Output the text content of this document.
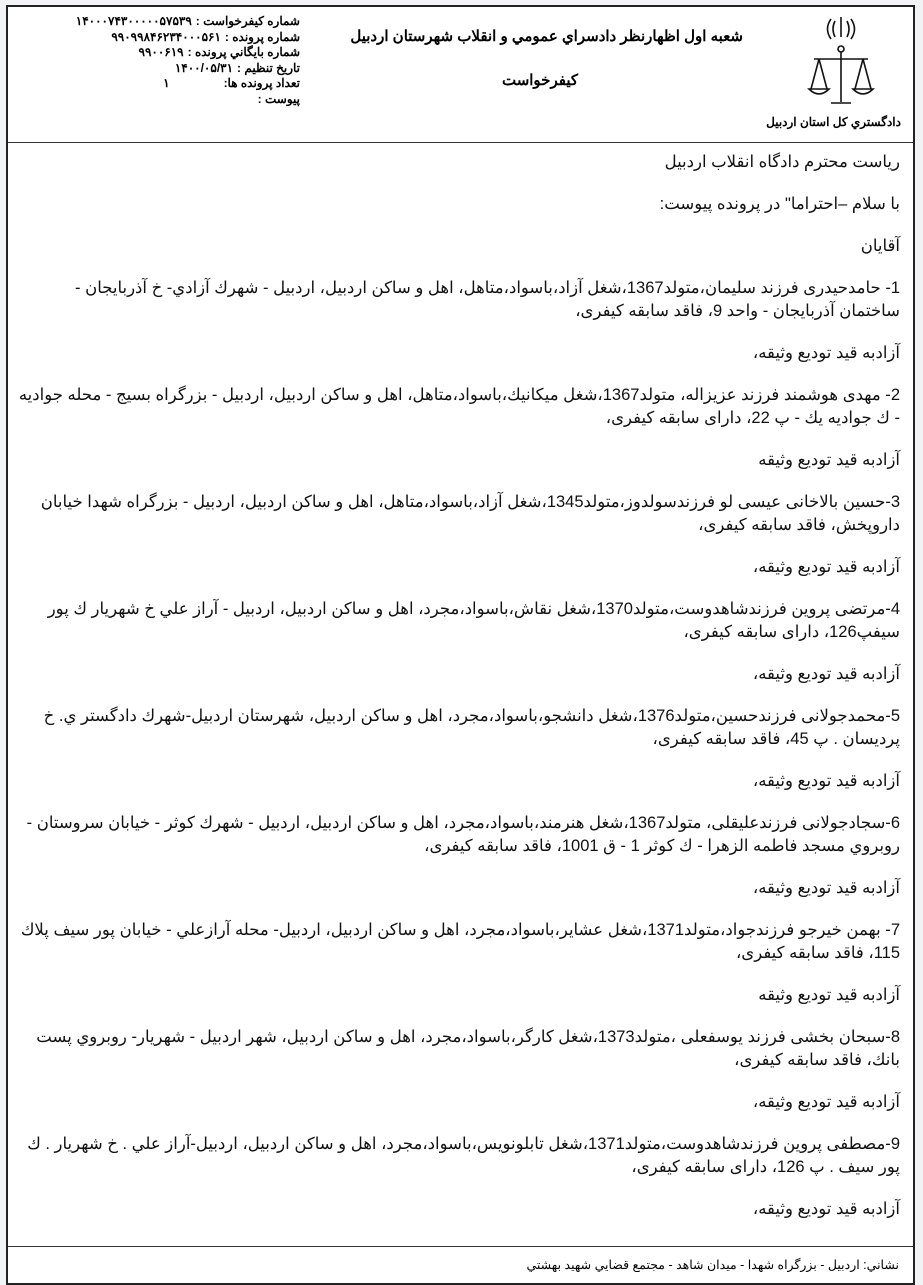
دادگستري كل استان اردبيل
شعبه اول اظهارنظر دادسراي عمومي و انقلاب شهرستان اردبيل
كيفرخواست
شماره كيفرخواست :
۱۴۰۰۰۷۴۳۰۰۰۰۰۵۷۵۳۹
شماره پرونده :
۹۹۰۹۹۸۴۶۲۳۴۰۰۰۵۶۱
شماره بايگاني پرونده :
۹۹۰۰۶۱۹
تاريخ تنظيم :
۱۴۰۰/۰۵/۳۱
تعداد پرونده ها:
۱
پيوست :

رياست محترم دادگاه انقلاب اردبيل

با سلام –احتراما" در پرونده پيوست:

آقايان

1- حامدحيدری فرزند سليمان،متولد1367،شغل آزاد،باسواد،متاهل، اهل و ساكن اردبيل، اردبيل - شهرك آزادي- خ آذربايجان - ساختمان آذربايجان - واحد 9، فاقد سابقه كيفری،

آزادبه قيد توديع وثيقه،

2- مهدی هوشمند فرزند عزيزاله، متولد1367،شغل ميكانيك،باسواد،متاهل، اهل و ساكن اردبيل، اردبيل - بزرگراه بسيج - محله جواديه - ك جواديه يك - پ 22، دارای سابقه كيفری،

آزادبه قيد توديع وثيقه

3-حسين بالاخانی عيسی لو فرزندسولدوز،متولد1345،شغل آزاد،باسواد،متاهل، اهل و ساكن اردبيل، اردبيل - بزرگراه شهدا خيابان داروپخش، فاقد سابقه كيفری،

آزادبه قيد توديع وثيقه،

4-مرتضی پروين فرزندشاهدوست،متولد1370،شغل نقاش،باسواد،مجرد، اهل و ساكن اردبيل، اردبيل - آراز علي خ شهريار ك پور سيفپ126، دارای سابقه كيفری،

آزادبه قيد توديع وثيقه،

5-محمدجولانی فرزندحسين،متولد1376،شغل دانشجو،باسواد،مجرد، اهل و ساكن اردبيل، شهرستان اردبيل-شهرك دادگستر ي. خ پرديسان . پ 45، فاقد سابقه كيفری،

آزادبه قيد توديع وثيقه،

6-سجادجولانی فرزندعليقلی، متولد1367،شغل هنرمند،باسواد،مجرد، اهل و ساكن اردبيل، اردبيل - شهرك كوثر - خيابان سروستان - روبروي مسجد فاطمه الزهرا - ك كوثر 1 - ق 1001، فاقد سابقه كيفری،

آزادبه قيد توديع وثيقه،

7- بهمن خيرجو فرزندجواد،متولد1371،شغل عشاير،باسواد،مجرد، اهل و ساكن اردبيل، اردبيل- محله آرازعلي - خيابان پور سيف پلاك 115، فاقد سابقه كيفری،

آزادبه قيد توديع وثيقه

8-سبحان بخشی فرزند يوسفعلی ،متولد1373،شغل كارگر،باسواد،مجرد، اهل و ساكن اردبيل، شهر اردبيل - شهريار- روبروي پست بانك، فاقد سابقه كيفری،

آزادبه قيد توديع وثيقه،

9-مصطفی پروين فرزندشاهدوست،متولد1371،شغل تابلونويس،باسواد،مجرد، اهل و ساكن اردبيل، اردبيل-آراز علي . خ شهريار . ك پور سيف . پ 126، دارای سابقه كيفری،

آزادبه قيد توديع وثيقه،

نشاني: اردبيل - بزرگراه شهدا - ميدان شاهد - مجتمع قضايي شهيد بهشتي
